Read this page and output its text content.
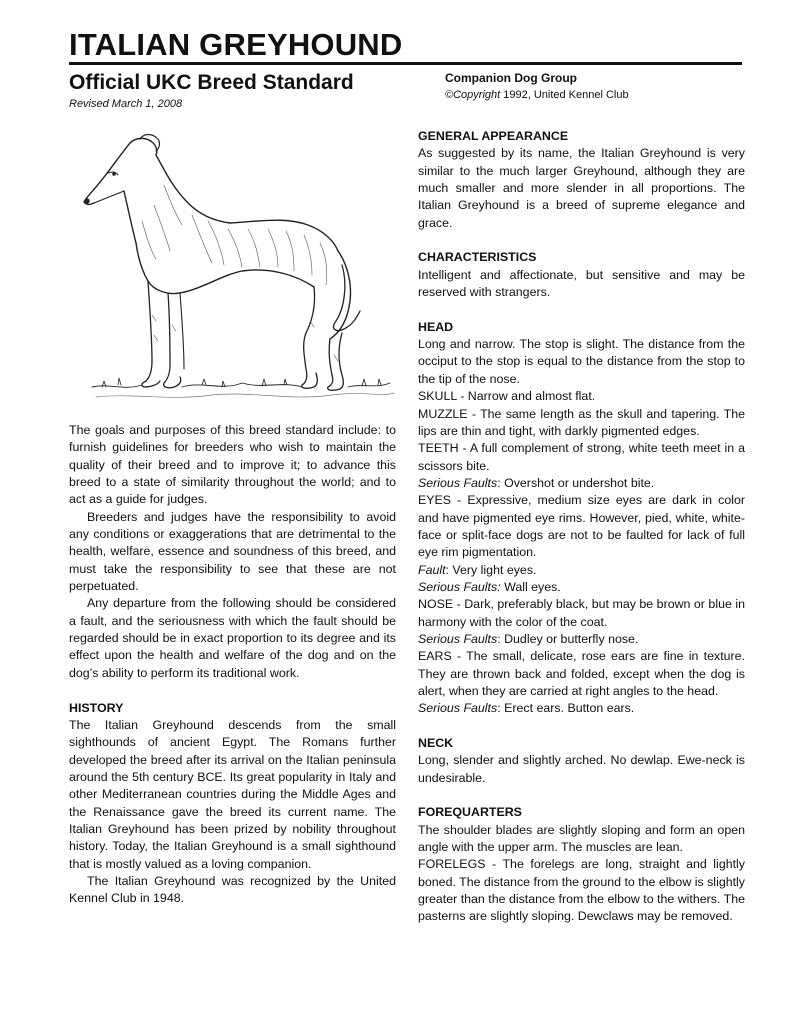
ITALIAN GREYHOUND
Official UKC Breed Standard
Revised March 1, 2008
Companion Dog Group
©Copyright 1992, United Kennel Club

The goals and purposes of this breed standard include: to furnish guidelines for breeders who wish to maintain the quality of their breed and to improve it; to advance this breed to a state of similarity throughout the world; and to act as a guide for judges.

Breeders and judges have the responsibility to avoid any conditions or exaggerations that are detrimental to the health, welfare, essence and soundness of this breed, and must take the responsibility to see that these are not perpetuated.

Any departure from the following should be considered a fault, and the seriousness with which the fault should be regarded should be in exact proportion to its degree and its effect upon the health and welfare of the dog and on the dog’s ability to perform its traditional work.

HISTORY

The Italian Greyhound descends from the small sighthounds of ancient Egypt. The Romans further developed the breed after its arrival on the Italian peninsula around the 5th century BCE. Its great popularity in Italy and other Mediterranean countries during the Middle Ages and the Renaissance gave the breed its current name. The Italian Greyhound has been prized by nobility throughout history. Today, the Italian Greyhound is a small sighthound that is mostly valued as a loving companion.

The Italian Greyhound was recognized by the United Kennel Club in 1948.

GENERAL APPEARANCE

As suggested by its name, the Italian Greyhound is very similar to the much larger Greyhound, although they are much smaller and more slender in all proportions. The Italian Greyhound is a breed of supreme elegance and grace.

CHARACTERISTICS

Intelligent and affectionate, but sensitive and may be reserved with strangers.

HEAD

Long and narrow. The stop is slight. The distance from the occiput to the stop is equal to the distance from the stop to the tip of the nose.

SKULL - Narrow and almost flat.

MUZZLE - The same length as the skull and tapering. The lips are thin and tight, with darkly pigmented edges.

TEETH - A full complement of strong, white teeth meet in a scissors bite.

Serious Faults: Overshot or undershot bite.

EYES - Expressive, medium size eyes are dark in color and have pigmented eye rims. However, pied, white, white-face or split-face dogs are not to be faulted for lack of full eye rim pigmentation.

Fault: Very light eyes.

Serious Faults: Wall eyes.

NOSE - Dark, preferably black, but may be brown or blue in harmony with the color of the coat.

Serious Faults: Dudley or butterfly nose.

EARS - The small, delicate, rose ears are fine in texture. They are thrown back and folded, except when the dog is alert, when they are carried at right angles to the head.

Serious Faults: Erect ears. Button ears.

NECK

Long, slender and slightly arched. No dewlap. Ewe-neck is undesirable.

FOREQUARTERS

The shoulder blades are slightly sloping and form an open angle with the upper arm. The muscles are lean.

FORELEGS - The forelegs are long, straight and lightly boned. The distance from the ground to the elbow is slightly greater than the distance from the elbow to the withers. The pasterns are slightly sloping. Dewclaws may be removed.
